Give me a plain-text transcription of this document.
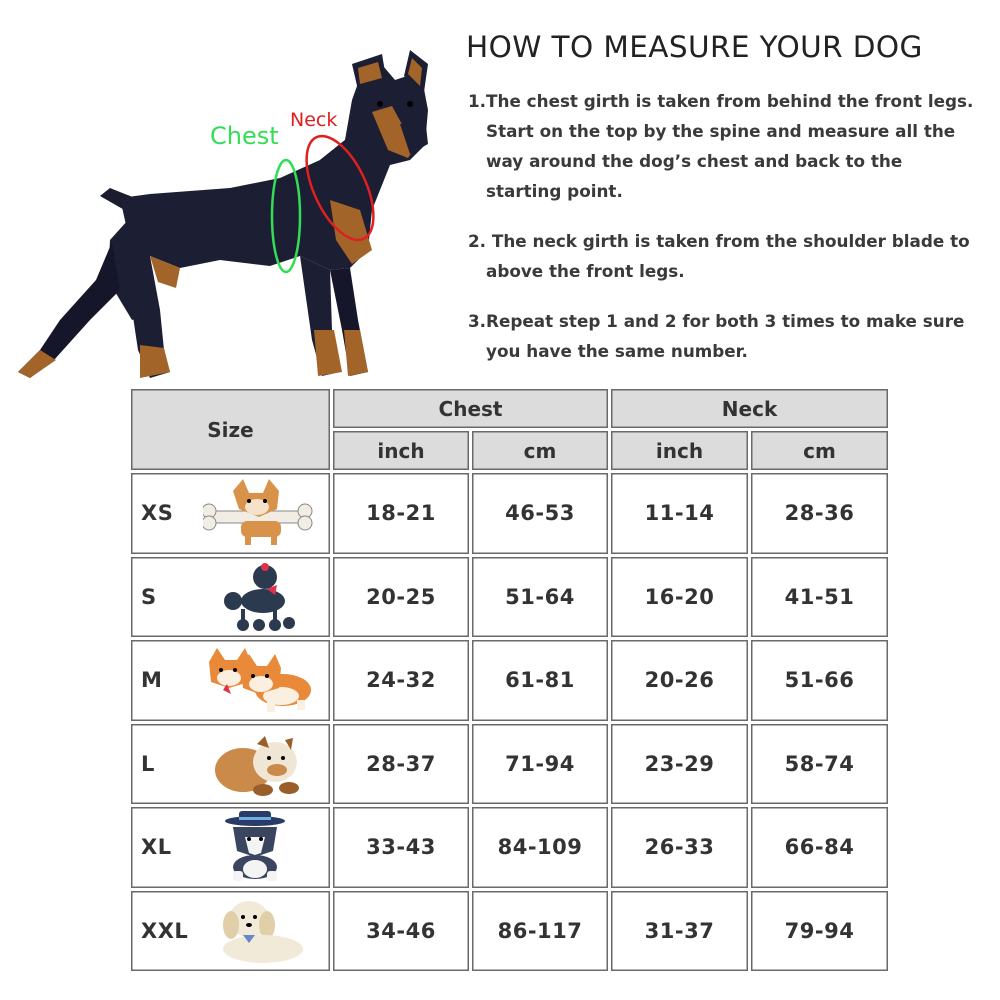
Chest
Neck
HOW TO MEASURE YOUR DOG
1.The chest girth is taken from behind the front legs.
Start on the top by the spine and measure all the
way around the dog’s chest and back to the
starting point.
2. The neck girth is taken from the shoulder blade to
above the front legs.
3.Repeat step 1 and 2 for both 3 times to make sure
you have the same number.
Size	Chest		Neck	
	inch	cm	inch	cm

XS	18-21	46-53	11-14	28-36

S	20-25	51-64	16-20	41-51

M	24-32	61-81	20-26	51-66

L	28-37	71-94	23-29	58-74

XL	33-43	84-109	26-33	66-84

XXL	34-46	86-117	31-37	79-94
